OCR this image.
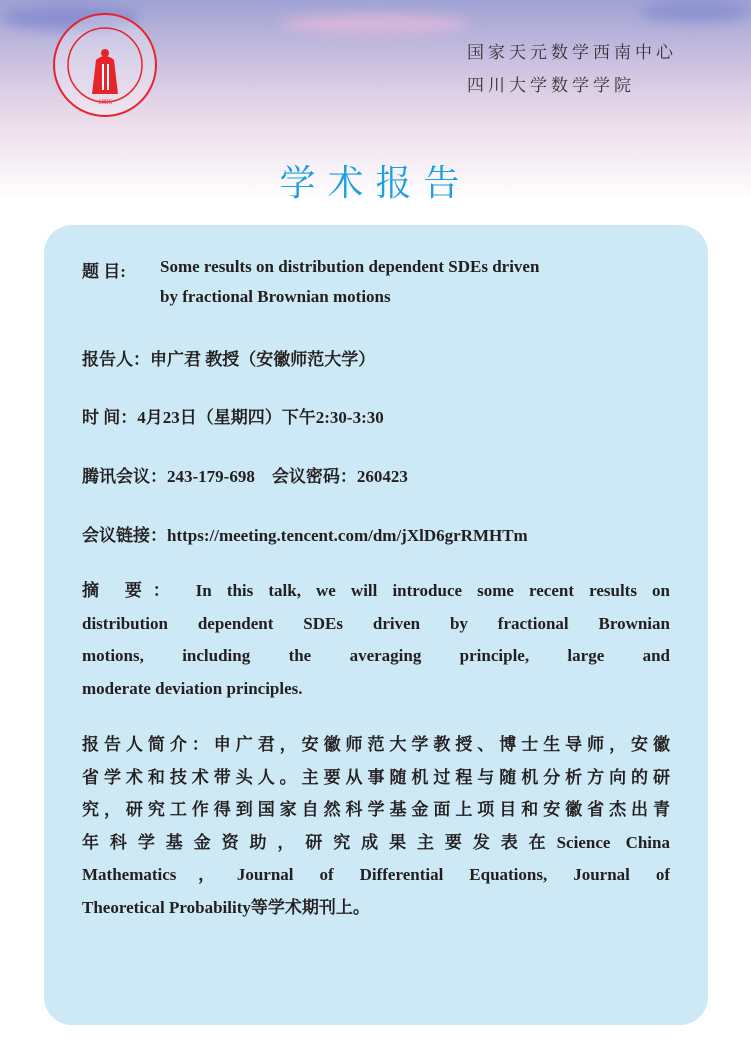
1896
国家天元数学西南中心
四川大学数学学院
学术报告
题 目: Some results on distribution dependent SDEs driven
by fractional Brownian motions
报告人：申广君 教授（安徽师范大学）
时 间：4月23日（星期四）下午2:30-3:30
腾讯会议：243-179-698    会议密码：260423
会议链接：https://meeting.tencent.com/dm/jXlD6grRMHTm
摘 要： In this talk, we will introduce some recent results on
distribution dependent SDEs driven by fractional Brownian
motions, including the averaging principle, large and
moderate deviation principles.
报告人简介：申广君，安徽师范大学教授、博士生导师，安徽
省学术和技术带头人。主要从事随机过程与随机分析方向的研
究，研究工作得到国家自然科学基金面上项目和安徽省杰出青
年科学基金资助，研究成果主要发表在Science China
Mathematics，Journal of Differential Equations, Journal of
Theoretical Probability等学术期刊上。
